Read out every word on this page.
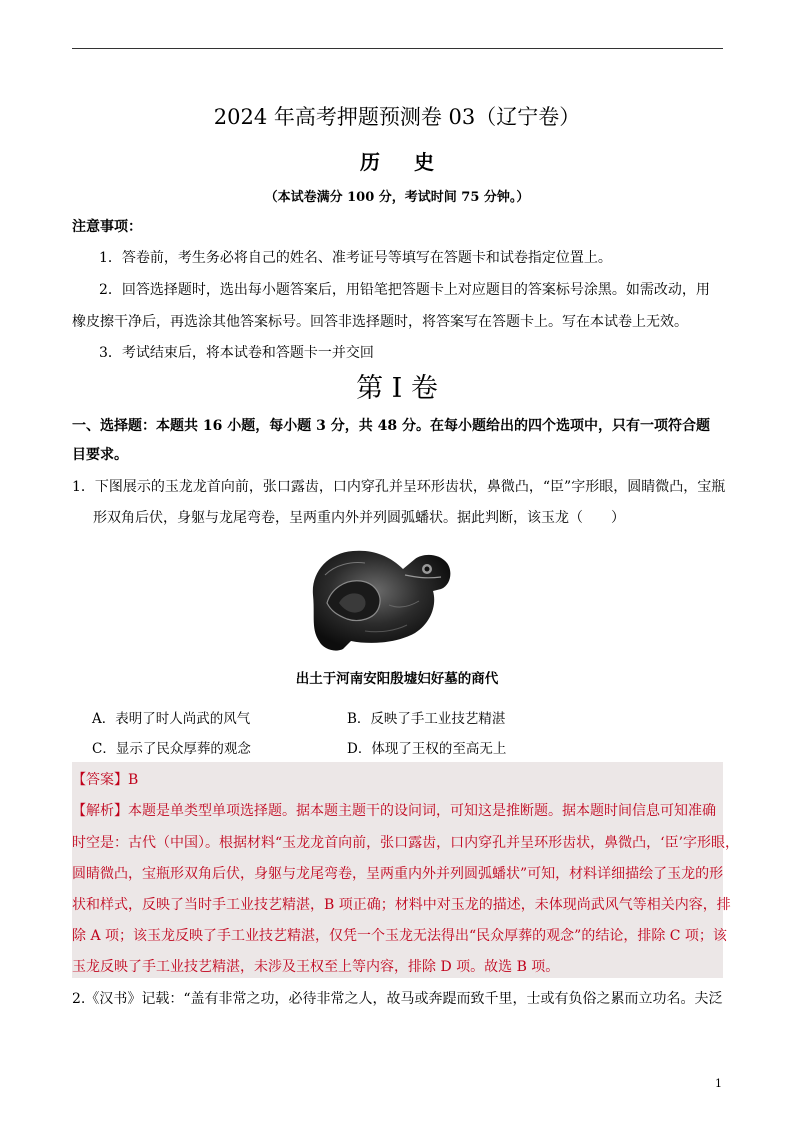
2024 年高考押题预测卷 03（辽宁卷）
历史
（本试卷满分 100 分，考试时间 75 分钟。）
注意事项：
1．答卷前，考生务必将自己的姓名、准考证号等填写在答题卡和试卷指定位置上。
2．回答选择题时，选出每小题答案后，用铅笔把答题卡上对应题目的答案标号涂黑。如需改动，用
橡皮擦干净后，再选涂其他答案标号。回答非选择题时，将答案写在答题卡上。写在本试卷上无效。
3．考试结束后，将本试卷和答题卡一并交回
第 I 卷
一、选择题：本题共 16 小题，每小题 3 分，共 48 分。在每小题给出的四个选项中，只有一项符合题
目要求。
1．下图展示的玉龙龙首向前，张口露齿，口内穿孔并呈环形齿状，鼻微凸，“臣”字形眼，圆睛微凸，宝瓶
形双角后伏，身躯与龙尾弯卷，呈两重内外并列圆弧蟠状。据此判断，该玉龙（　　）
出土于河南安阳殷墟妇好墓的商代
A．表明了时人尚武的风气	B．反映了手工业技艺精湛
C．显示了民众厚葬的观念	D．体现了王权的至高无上
【答案】B
【解析】本题是单类型单项选择题。据本题主题干的设问词，可知这是推断题。据本题时间信息可知准确
时空是：古代（中国）。根据材料“玉龙龙首向前，张口露齿，口内穿孔并呈环形齿状，鼻微凸，‘臣’字形眼，
圆睛微凸，宝瓶形双角后伏，身躯与龙尾弯卷，呈两重内外并列圆弧蟠状”可知，材料详细描绘了玉龙的形
状和样式，反映了当时手工业技艺精湛，B 项正确；材料中对玉龙的描述，未体现尚武风气等相关内容，排
除 A 项；该玉龙反映了手工业技艺精湛，仅凭一个玉龙无法得出“民众厚葬的观念”的结论，排除 C 项；该
玉龙反映了手工业技艺精湛，未涉及王权至上等内容，排除 D 项。故选 B 项。
2.《汉书》记载：“盖有非常之功，必待非常之人，故马或奔踶而致千里，士或有负俗之累而立功名。夫泛
1
